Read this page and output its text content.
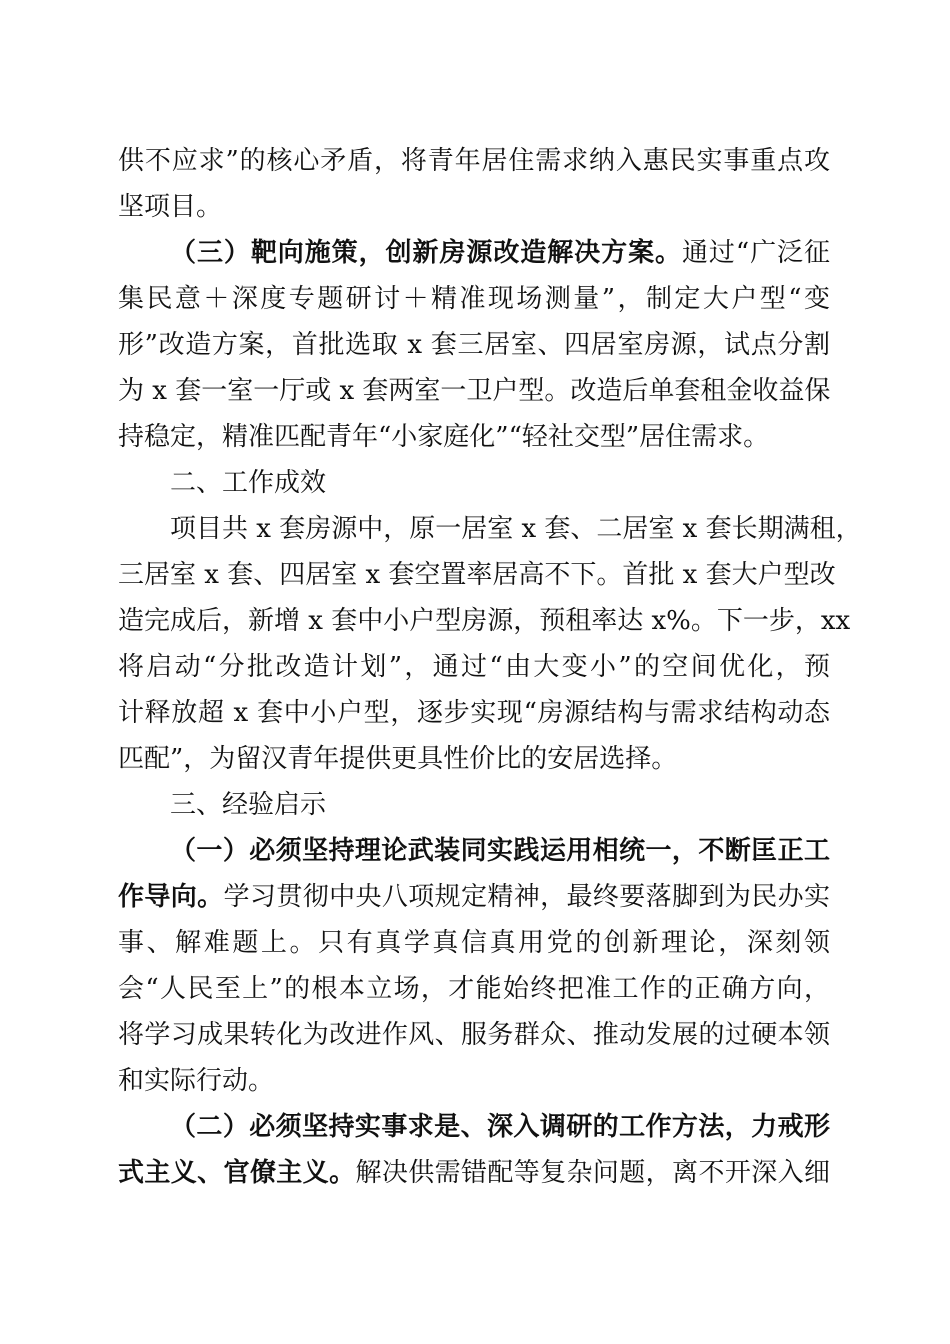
供不应求”的核心矛盾，将青年居住需求纳入惠民实事重点攻
坚项目。
（三）靶向施策，创新房源改造解决方案。通过“广泛征
集民意＋深度专题研讨＋精准现场测量”，制定大户型“变
形”改造方案，首批选取 x 套三居室、四居室房源，试点分割
为 x 套一室一厅或 x 套两室一卫户型。改造后单套租金收益保
持稳定，精准匹配青年“小家庭化”“轻社交型”居住需求。
二、工作成效
项目共 x 套房源中，原一居室 x 套、二居室 x 套长期满租，
三居室 x 套、四居室 x 套空置率居高不下。首批 x 套大户型改
造完成后，新增 x 套中小户型房源，预租率达 x%。下一步，xx
将启动“分批改造计划”，通过“由大变小”的空间优化，预
计释放超 x 套中小户型，逐步实现“房源结构与需求结构动态
匹配”，为留汉青年提供更具性价比的安居选择。
三、经验启示
（一）必须坚持理论武装同实践运用相统一，不断匡正工
作导向。学习贯彻中央八项规定精神，最终要落脚到为民办实
事、解难题上。只有真学真信真用党的创新理论，深刻领
会“人民至上”的根本立场，才能始终把准工作的正确方向，
将学习成果转化为改进作风、服务群众、推动发展的过硬本领
和实际行动。
（二）必须坚持实事求是、深入调研的工作方法，力戒形
式主义、官僚主义。解决供需错配等复杂问题，离不开深入细
